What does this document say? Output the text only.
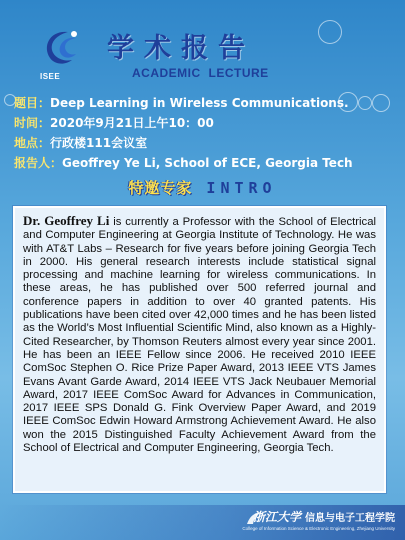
ISEE
学术报告
ACADEMIC LECTURE
题目：Deep Learning in Wireless Communications.
时间：2020年9月21日上午10：00
地点：行政楼111会议室
报告人：Geoffrey Ye Li, School of ECE, Georgia Tech
特邀专家 INTRO

Dr. Geoffrey Li is currently a Professor with the School of Electrical and Computer Engineering at Georgia Institute of Technology. He was with AT&T Labs – Research for five years before joining Georgia Tech in 2000. His general research interests include statistical signal processing and machine learning for wireless communications. In these areas, he has published over 500 referred journal and conference papers in addition to over 40 granted patents. His publications have been cited over 42,000 times and he has been listed as the World’s Most Influential Scientific Mind, also known as a Highly-Cited Researcher, by Thomson Reuters almost every year since 2001. He has been an IEEE Fellow since 2006. He received 2010 IEEE ComSoc Stephen O. Rice Prize Paper Award, 2013 IEEE VTS James Evans Avant Garde Award, 2014 IEEE VTS Jack Neubauer Memorial Award, 2017 IEEE ComSoc Award for Advances in Communication, 2017 IEEE SPS Donald G. Fink Overview Paper Award, and 2019 IEEE ComSoc Edwin Howard Armstrong Achievement Award. He also won the 2015 Distinguished Faculty Achievement Award from the School of Electrical and Computer Engineering, Georgia Tech.

浙江大学 信息与电子工程学院
College of Information Science & Electronic Engineering, Zhejiang University
